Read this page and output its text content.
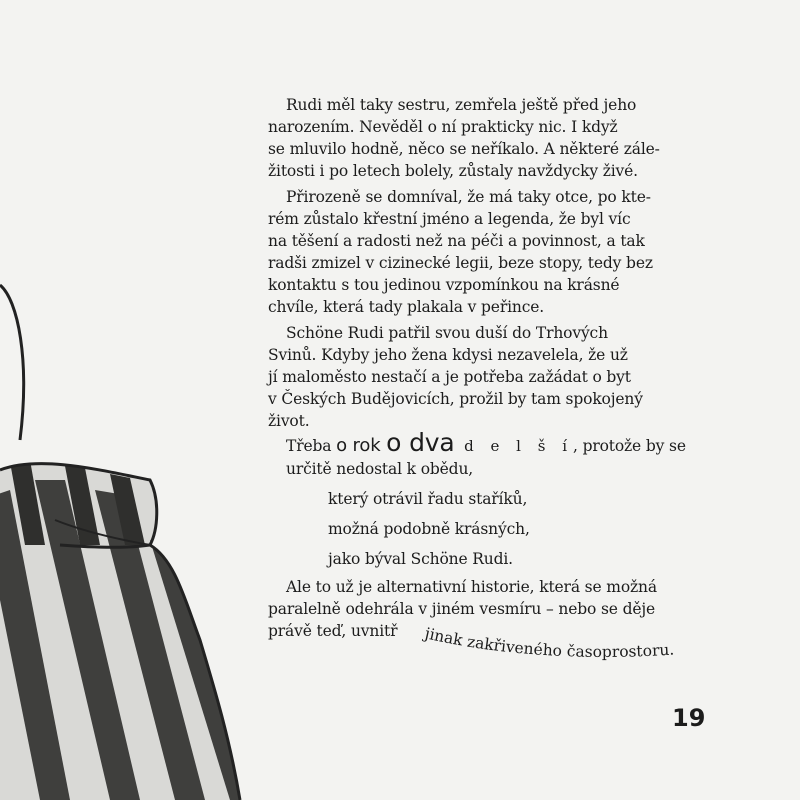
Rudi měl taky sestru, zemřela ještě před jeho
narozením. Nevěděl o ní prakticky nic. I když
se mluvilo hodně, něco se neříkalo. A některé zále-
žitosti i po letech bolely, zůstaly navždycky živé.
Přirozeně se domníval, že má taky otce, po kte-
rém zůstalo křestní jméno a legenda, že byl víc
na těšení a radosti než na péči a povinnost, a tak
radši zmizel v cizinecké legii, beze stopy, tedy bez
kontaktu s tou jedinou vzpomínkou na krásné
chvíle, která tady plakala v peřince.
Schöne Rudi patřil svou duší do Trhových
Svinů. Kdyby jeho žena kdysi nezavelela, že už
jí maloměsto nestačí a je potřeba zažádat o byt
v Českých Budějovicích, prožil by tam spokojený
život.
Třeba o rok o dva d e l š í, protože by se
určitě nedostal k obědu,
který otrávil řadu staříků,
možná podobně krásných,
jako býval Schöne Rudi.
Ale to už je alternativní historie, která se možná
paralelně odehrála v jiném vesmíru – nebo se děje
právě teď, uvnitř jinak zakřiveného časoprostoru.
19
